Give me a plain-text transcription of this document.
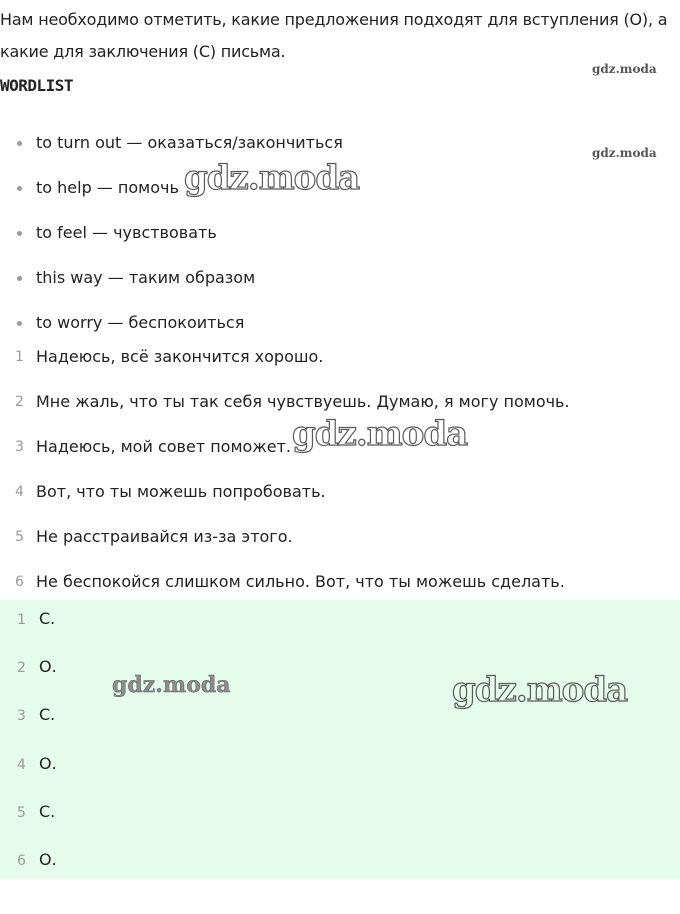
Нам необходимо отметить, какие предложения подходят для вступления (О), а какие для заключения (С) письма.
WORDLIST
to turn out — оказаться/закончиться
to help — помочь
to feel — чувствовать
this way — таким образом
to worry — беспокоиться
1 Надеюсь, всё закончится хорошо.
2 Мне жаль, что ты так себя чувствуешь. Думаю, я могу помочь.
3 Надеюсь, мой совет поможет.
4 Вот, что ты можешь попробовать.
5 Не расстраивайся из-за этого.
6 Не беспокойся слишком сильно. Вот, что ты можешь сделать.
1 С.
2 О.
3 С.
4 О.
5 С.
6 О.
gdz.moda
gdz.moda
gdz.moda
gdz.moda
gdz.moda	gdz.moda
